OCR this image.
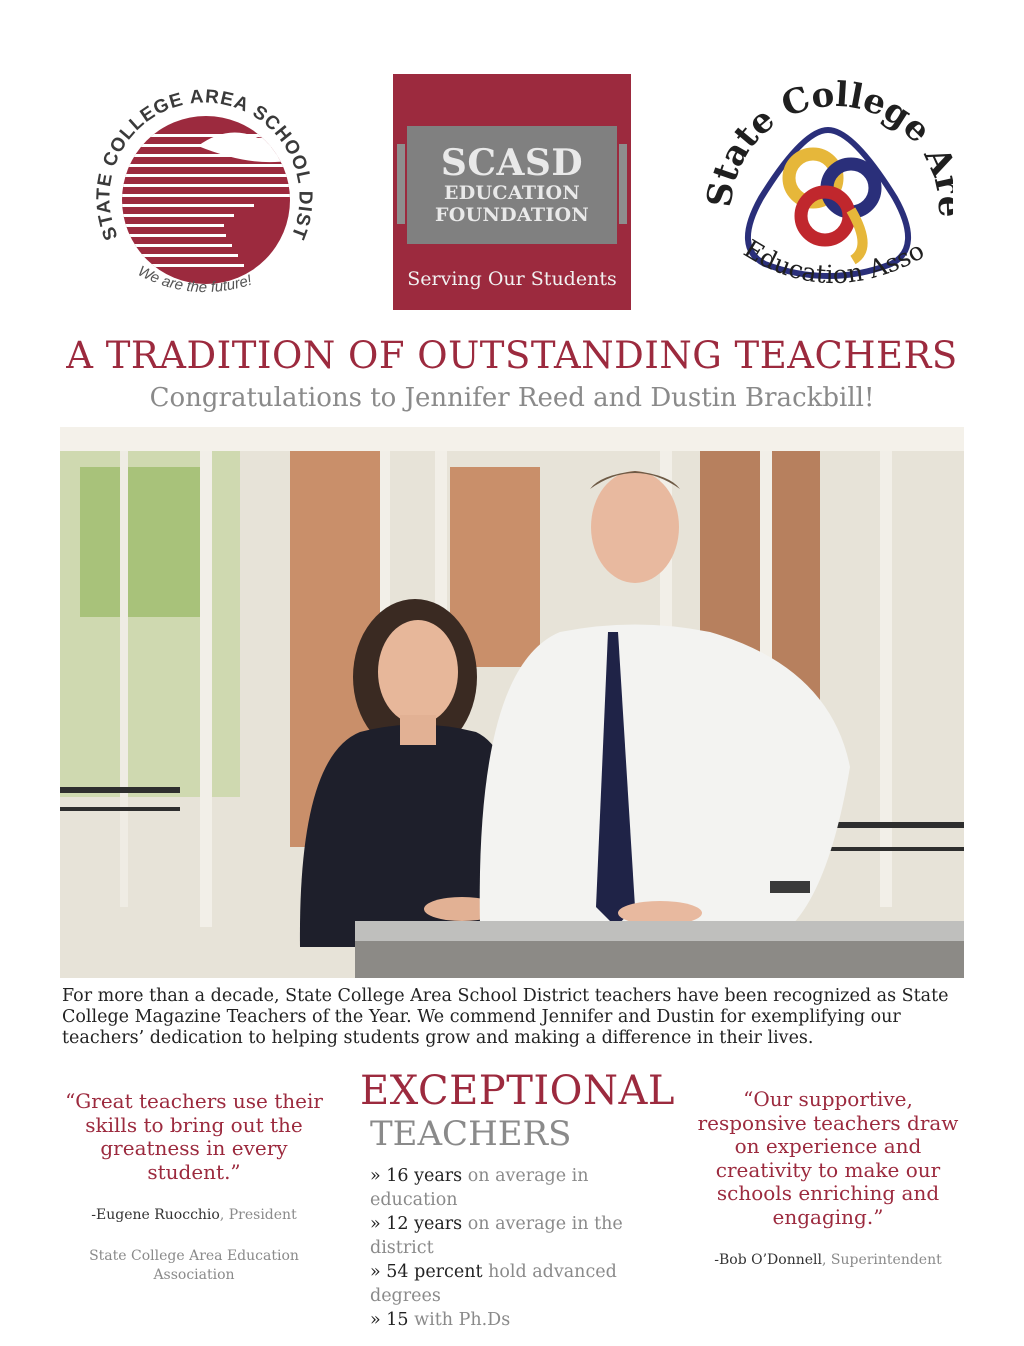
STATE COLLEGE AREA SCHOOL DIST
We are the future!
SCASD
EDUCATION
FOUNDATION
Serving Our Students
State College
Education Asso
A TRADITION OF OUTSTANDING TEACHERS
Congratulations to Jennifer Reed and Dustin Brackbill!
For more than a decade, State College Area School District teachers have been recognized as State College Magazine Teachers of the Year. We commend Jennifer and Dustin for exemplifying our teachers’ dedication to helping students grow and making a difference in their lives.
“Great teachers use their skills to bring out the greatness in every student.”
-Eugene Ruocchio, President
State College Area Education Association
EXCEPTIONAL
TEACHERS
» 16 years on average in education
» 12 years on average in the district
» 54 percent hold advanced degrees
» 15 with Ph.Ds
“Our supportive, responsive teachers draw on experience and creativity to make our schools enriching and engaging.”
-Bob O’Donnell, Superintendent
